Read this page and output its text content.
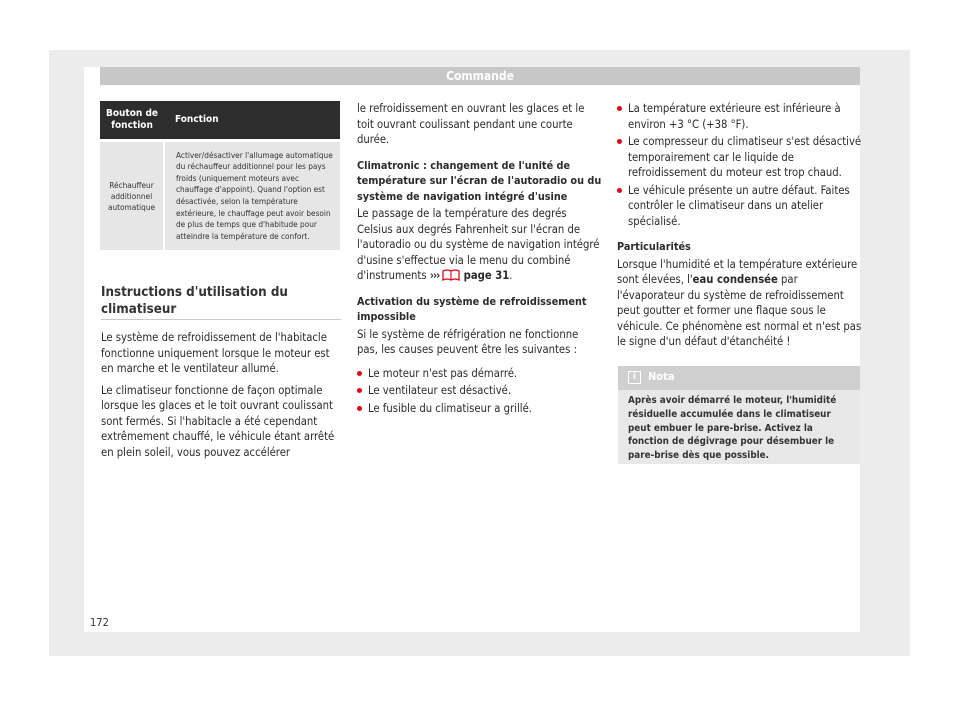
Commande
Bouton de fonction	Fonction

Réchauffeur additionnel automatique	Activer/désactiver l'allumage automatique du réchauffeur additionnel pour les pays froids (uniquement moteurs avec chauffage d'appoint). Quand l'option est désactivée, selon la température extérieure, le chauffage peut avoir besoin de plus de temps que d'habitude pour atteindre la température de confort.
Instructions d'utilisation du climatiseur

Le système de refroidissement de l'habitacle fonctionne uniquement lorsque le moteur est en marche et le ventilateur allumé.

Le climatiseur fonctionne de façon optimale lorsque les glaces et le toit ouvrant coulissant sont fermés. Si l'habitacle a été cependant extrêmement chauffé, le véhicule étant arrêté en plein soleil, vous pouvez accélérer

le refroidissement en ouvrant les glaces et le toit ouvrant coulissant pendant une courte durée.

Climatronic : changement de l'unité de température sur l'écran de l'autoradio ou du système de navigation intégré d'usine

Le passage de la température des degrés Celsius aux degrés Fahrenheit sur l'écran de l'autoradio ou du système de navigation intégré d'usine s'effectue via le menu du combiné d'instruments ››› page 31.

Activation du système de refroidissement impossible

Si le système de réfrigération ne fonctionne pas, les causes peuvent être les suivantes :

Le moteur n'est pas démarré.
Le ventilateur est désactivé.
Le fusible du climatiseur a grillé.
La température extérieure est inférieure à environ +3 °C (+38 °F).
Le compresseur du climatiseur s'est désactivé temporairement car le liquide de refroidissement du moteur est trop chaud.
Le véhicule présente un autre défaut. Faites contrôler le climatiseur dans un atelier spécialisé.

Particularités

Lorsque l'humidité et la température extérieure sont élevées, l'eau condensée par l'évaporateur du système de refroidissement peut goutter et former une flaque sous le véhicule. Ce phénomène est normal et n'est pas le signe d'un défaut d'étanchéité !

i	Nota
Après avoir démarré le moteur, l'humidité résiduelle accumulée dans le climatiseur peut embuer le pare-brise. Activez la fonction de dégivrage pour désembuer le pare-brise dès que possible.
172
